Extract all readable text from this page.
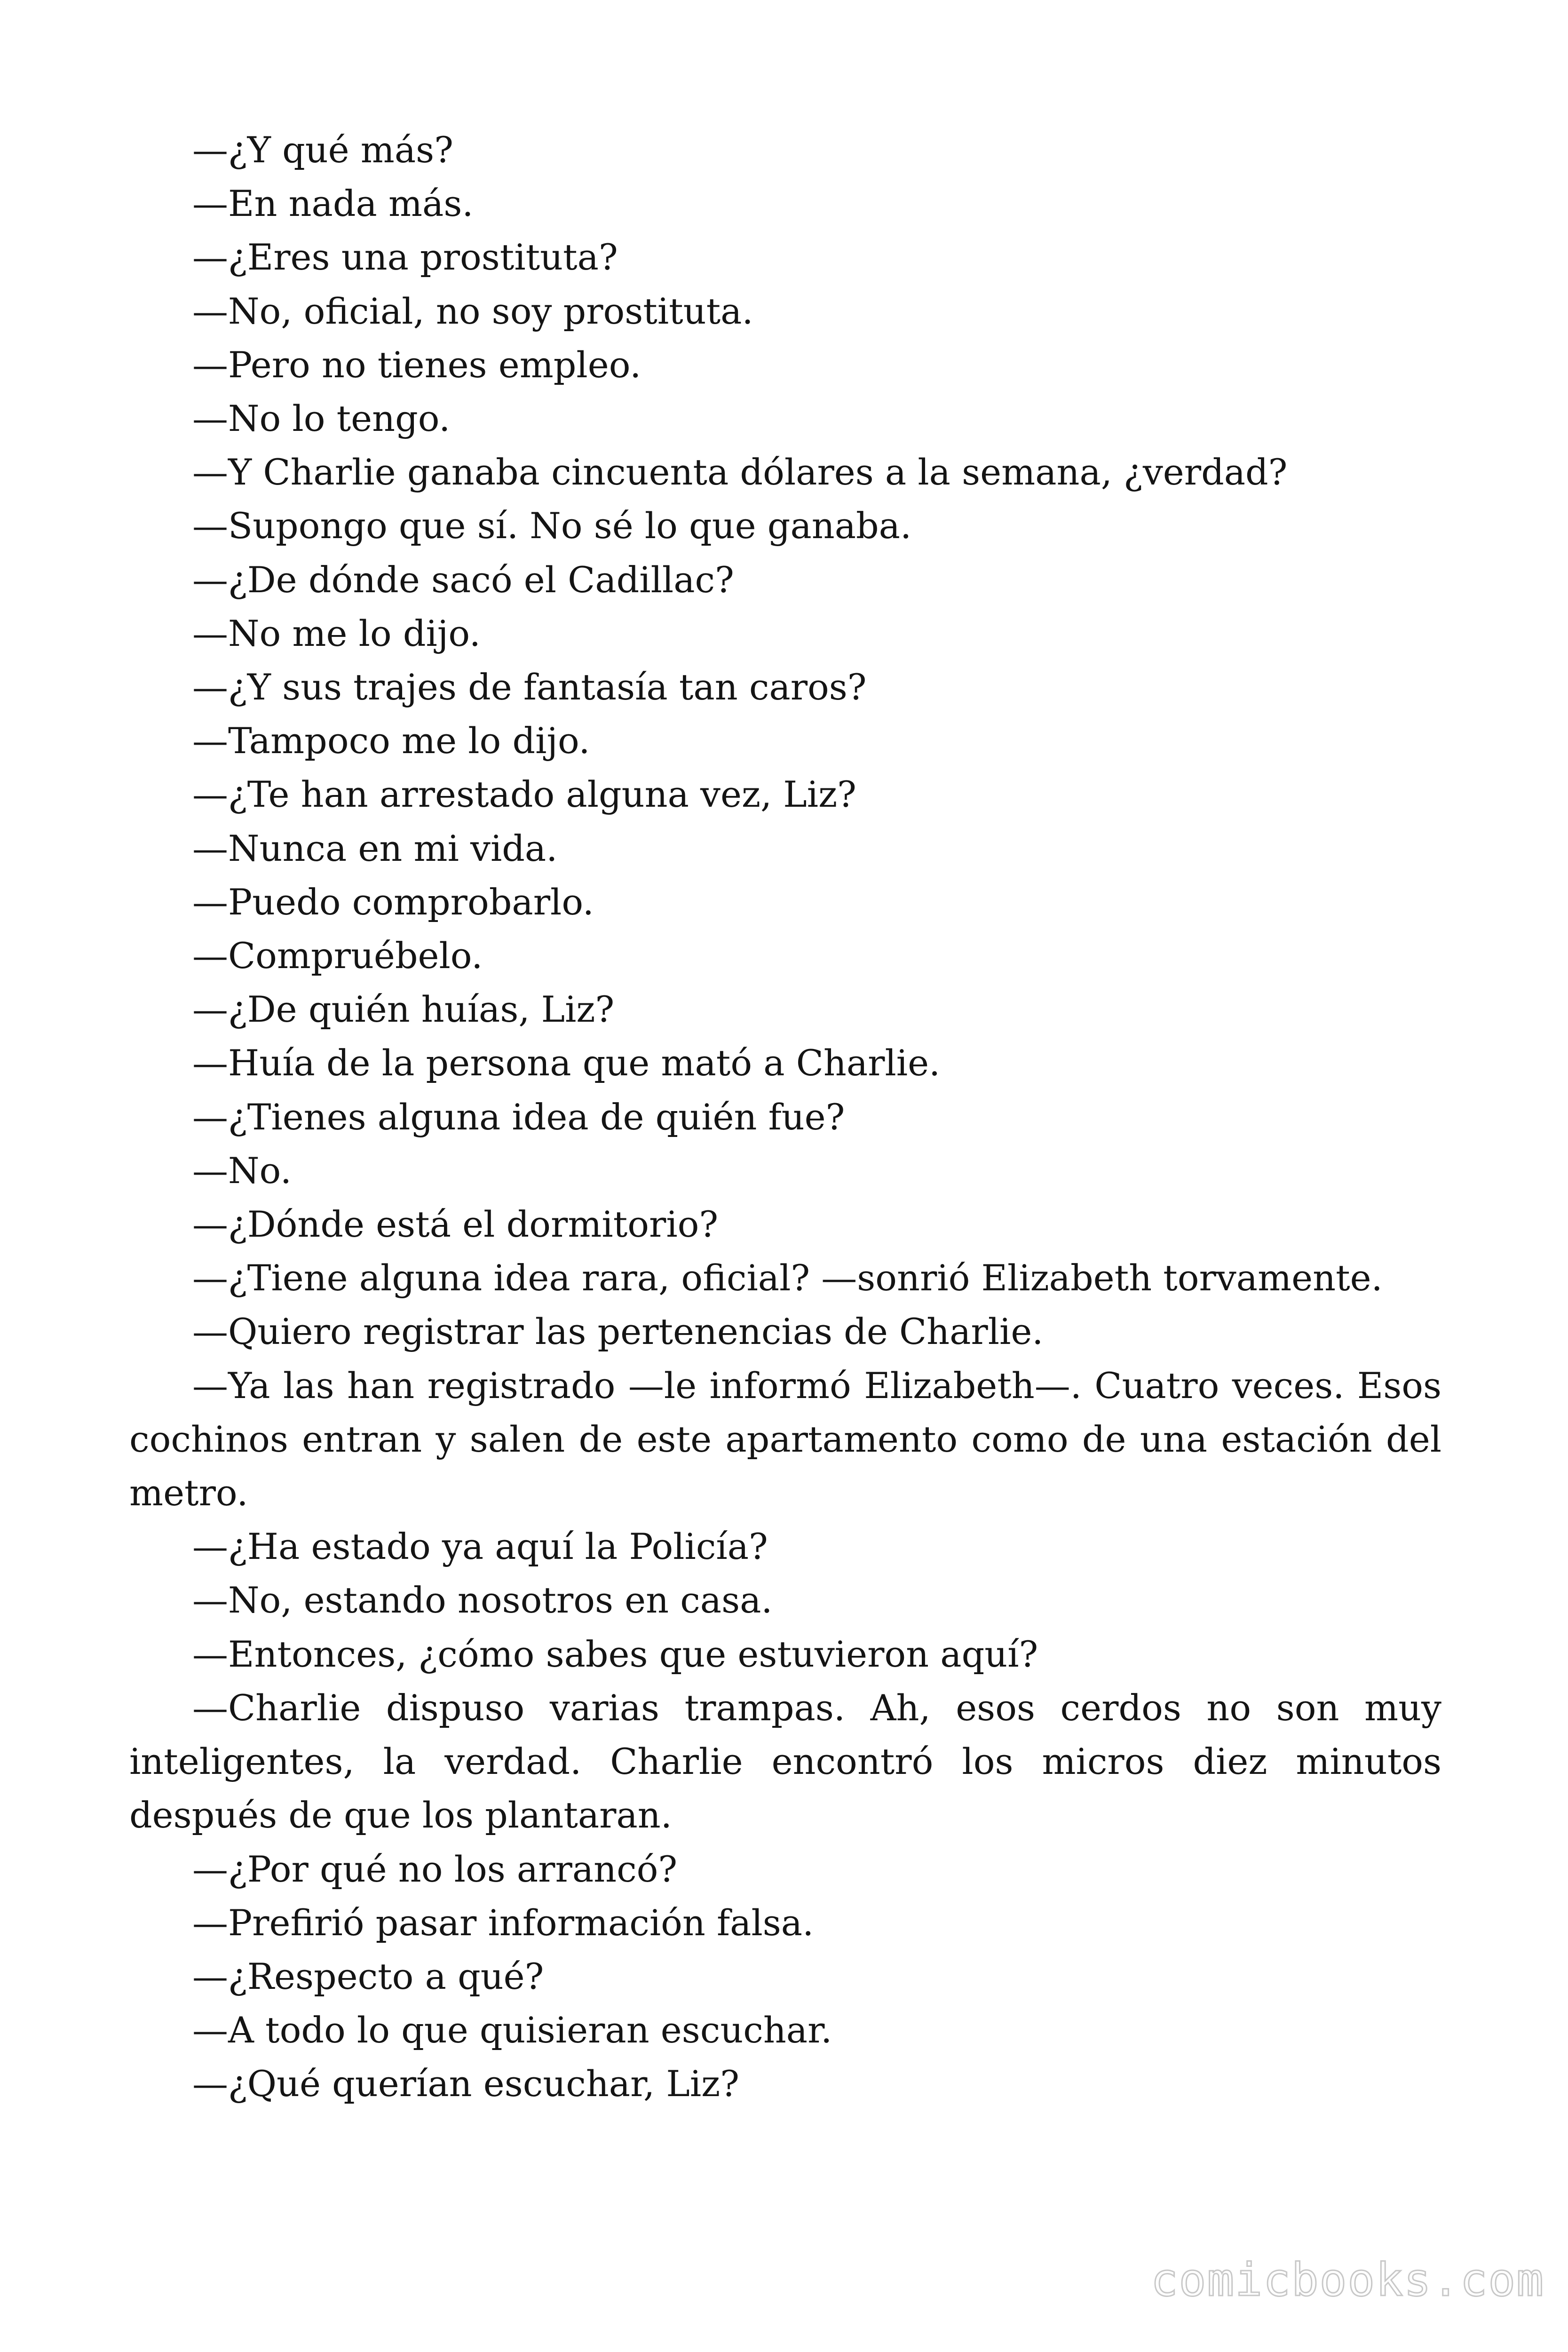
—¿Y qué más?

—En nada más.

—¿Eres una prostituta?

—No, oficial, no soy prostituta.

—Pero no tienes empleo.

—No lo tengo.

—Y Charlie ganaba cincuenta dólares a la semana, ¿verdad?

—Supongo que sí. No sé lo que ganaba.

—¿De dónde sacó el Cadillac?

—No me lo dijo.

—¿Y sus trajes de fantasía tan caros?

—Tampoco me lo dijo.

—¿Te han arrestado alguna vez, Liz?

—Nunca en mi vida.

—Puedo comprobarlo.

—Compruébelo.

—¿De quién huías, Liz?

—Huía de la persona que mató a Charlie.

—¿Tienes alguna idea de quién fue?

—No.

—¿Dónde está el dormitorio?

—¿Tiene alguna idea rara, oficial? —sonrió Elizabeth torvamente.

—Quiero registrar las pertenencias de Charlie.

—Ya las han registrado —le informó Elizabeth—. Cuatro veces. Esos cochinos entran y salen de este apartamento como de una estación del metro.

—¿Ha estado ya aquí la Policía?

—No, estando nosotros en casa.

—Entonces, ¿cómo sabes que estuvieron aquí?

—Charlie dispuso varias trampas. Ah, esos cerdos no son muy inteligentes, la verdad. Charlie encontró los micros diez minutos después de que los plantaran.

—¿Por qué no los arrancó?

—Prefirió pasar información falsa.

—¿Respecto a qué?

—A todo lo que quisieran escuchar.

—¿Qué querían escuchar, Liz?

comicbooks.com
